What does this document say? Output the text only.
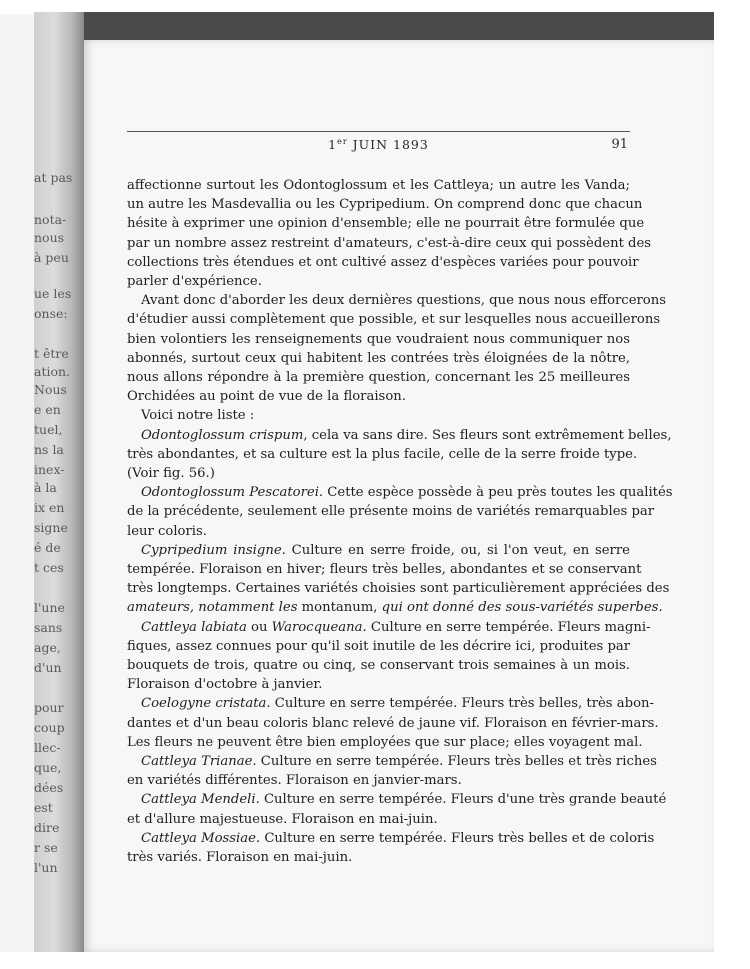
at pas
nota-
nous
à peu
ue les
onse:
t être
ation.
Nous
e en
tuel,
ns la
inex-
à la
ix en
signe
é de
t ces
l'une
sans
age,
d'un
pour
coup
llec-
que,
dées
est
dire
r se
l'un
1er JUIN 1893	91
affectionne surtout les Odontoglossum et les Cattleya; un autre les Vanda;
un autre les Masdevallia ou les Cypripedium. On comprend donc que chacun
hésite à exprimer une opinion d'ensemble; elle ne pourrait être formulée que
par un nombre assez restreint d'amateurs, c'est-à-dire ceux qui possèdent des
collections très étendues et ont cultivé assez d'espèces variées pour pouvoir
parler d'expérience.
Avant donc d'aborder les deux dernières questions, que nous nous efforcerons
d'étudier aussi complètement que possible, et sur lesquelles nous accueillerons
bien volontiers les renseignements que voudraient nous communiquer nos
abonnés, surtout ceux qui habitent les contrées très éloignées de la nôtre,
nous allons répondre à la première question, concernant les 25 meilleures
Orchidées au point de vue de la floraison.
Voici notre liste :
Odontoglossum crispum, cela va sans dire. Ses fleurs sont extrêmement belles,
très abondantes, et sa culture est la plus facile, celle de la serre froide type.
(Voir fig. 56.)
Odontoglossum Pescatorei. Cette espèce possède à peu près toutes les qualités
de la précédente, seulement elle présente moins de variétés remarquables par
leur coloris.
Cypripedium insigne. Culture en serre froide, ou, si l'on veut, en serre
tempérée. Floraison en hiver; fleurs très belles, abondantes et se conservant
très longtemps. Certaines variétés choisies sont particulièrement appréciées des
amateurs, notamment les montanum, qui ont donné des sous-variétés superbes.
Cattleya labiata ou Warocqueana. Culture en serre tempérée. Fleurs magni-
fiques, assez connues pour qu'il soit inutile de les décrire ici, produites par
bouquets de trois, quatre ou cinq, se conservant trois semaines à un mois.
Floraison d'octobre à janvier.
Coelogyne cristata. Culture en serre tempérée. Fleurs très belles, très abon-
dantes et d'un beau coloris blanc relevé de jaune vif. Floraison en février-mars.
Les fleurs ne peuvent être bien employées que sur place; elles voyagent mal.
Cattleya Trianae. Culture en serre tempérée. Fleurs très belles et très riches
en variétés différentes. Floraison en janvier-mars.
Cattleya Mendeli. Culture en serre tempérée. Fleurs d'une très grande beauté
et d'allure majestueuse. Floraison en mai-juin.
Cattleya Mossiae. Culture en serre tempérée. Fleurs très belles et de coloris
très variés. Floraison en mai-juin.
